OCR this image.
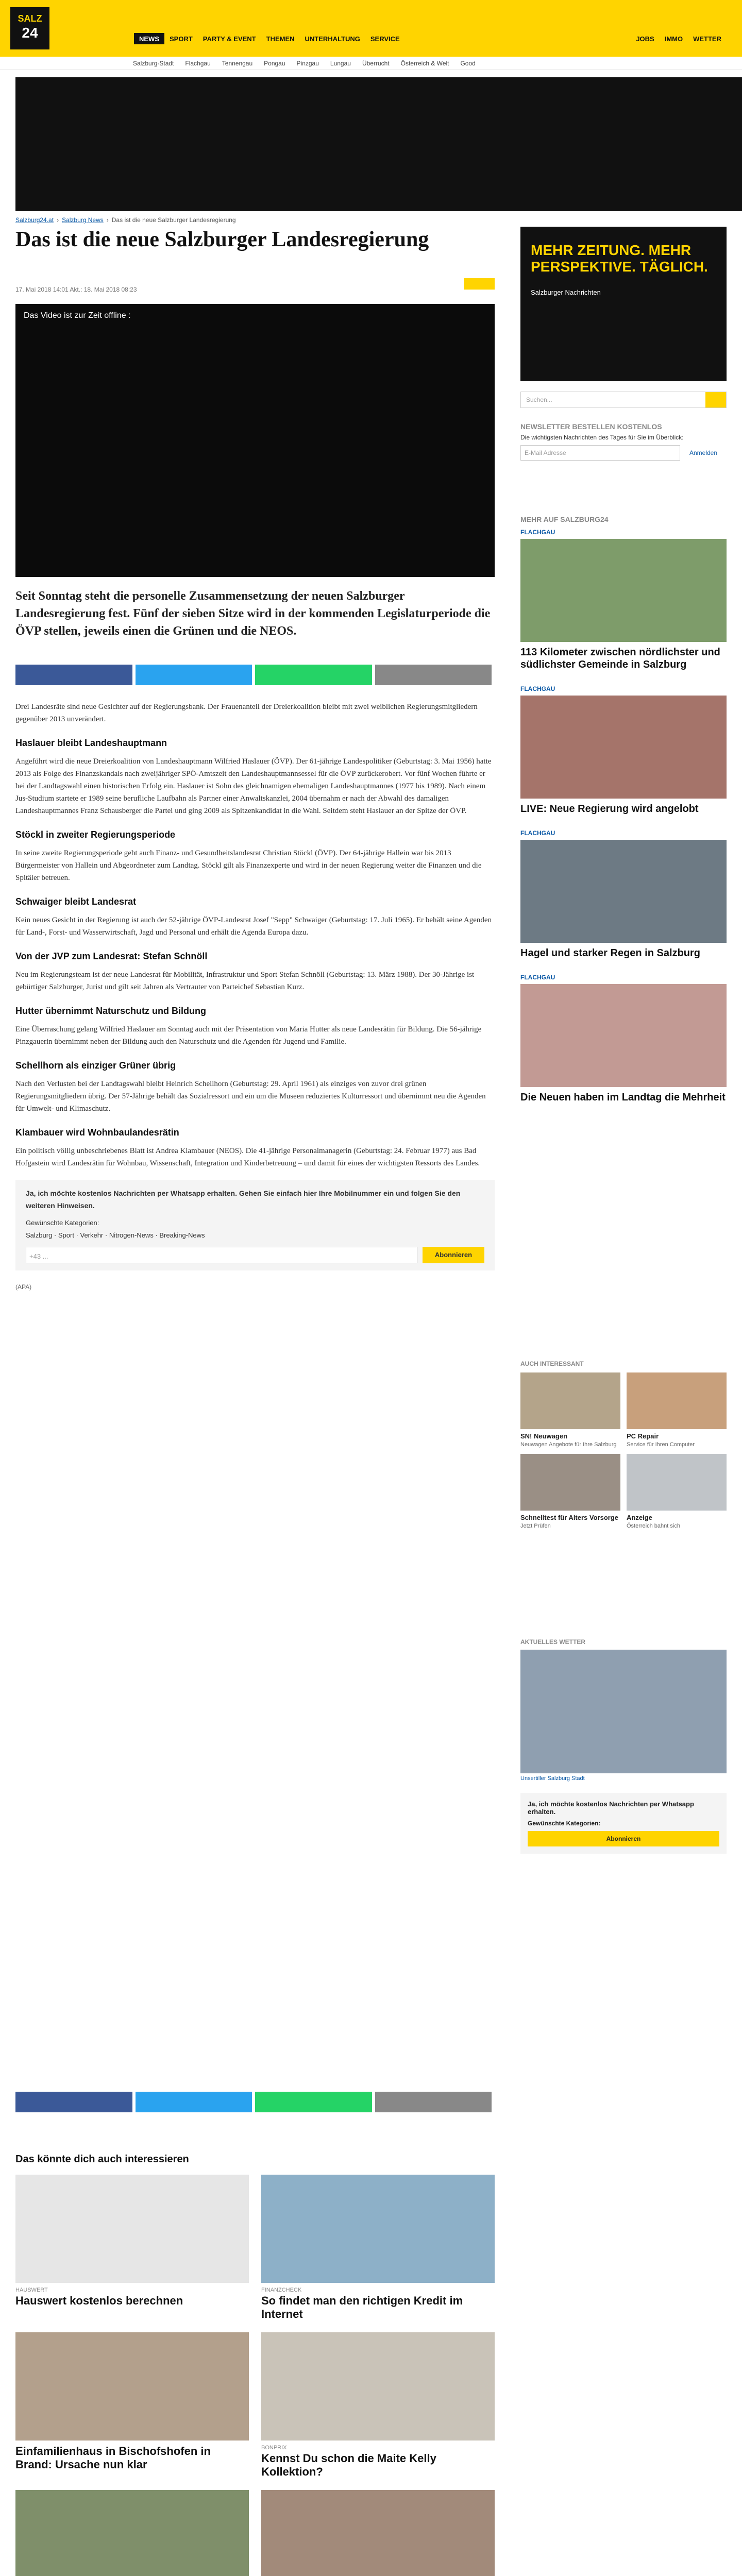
SALZ
24	NEWS	SPORT	PARTY & EVENT	THEMEN	UNTERHALTUNG	SERVICE	JOBS	IMMO	WETTER
Salzburg-Stadt Flachgau Tennengau Pongau Pinzgau Lungau Überrucht Österreich & Welt Good
Salzburg24.at › Salzburg News › Das ist die neue Salzburger Landesregierung
Das ist die neue Salzburger Landesregierung
17. Mai 2018 14:01 Akt.: 18. Mai 2018 08:23
Das Video ist zur Zeit offline :

Seit Sonntag steht die personelle Zusammensetzung der neuen Salzburger Landesregierung fest. Fünf der sieben Sitze wird in der kommenden Legislaturperiode die ÖVP stellen, jeweils einen die Grünen und die NEOS.

Drei Landesräte sind neue Gesichter auf der Regierungsbank. Der Frauenanteil der Dreierkoalition bleibt mit zwei weiblichen Regierungsmitgliedern gegenüber 2013 unverändert.

Haslauer bleibt Landeshauptmann

Angeführt wird die neue Dreierkoalition von Landeshauptmann Wilfried Haslauer (ÖVP). Der 61-jährige Landespolitiker (Geburtstag: 3. Mai 1956) hatte 2013 als Folge des Finanzskandals nach zweijähriger SPÖ-Amtszeit den Landeshauptmannsessel für die ÖVP zurückerobert. Vor fünf Wochen führte er bei der Landtagswahl einen historischen Erfolg ein. Haslauer ist Sohn des gleichnamigen ehemaligen Landeshauptmannes (1977 bis 1989). Nach einem Jus-Studium startete er 1989 seine berufliche Laufbahn als Partner einer Anwaltskanzlei, 2004 übernahm er nach der Abwahl des damaligen Landeshauptmannes Franz Schausberger die Partei und ging 2009 als Spitzenkandidat in die Wahl. Seitdem steht Haslauer an der Spitze der ÖVP.

Stöckl in zweiter Regierungsperiode

In seine zweite Regierungsperiode geht auch Finanz- und Gesundheitslandesrat Christian Stöckl (ÖVP). Der 64-jährige Hallein war bis 2013 Bürgermeister von Hallein und Abgeordneter zum Landtag. Stöckl gilt als Finanzexperte und wird in der neuen Regierung weiter die Finanzen und die Spitäler betreuen.

Schwaiger bleibt Landesrat

Kein neues Gesicht in der Regierung ist auch der 52-jährige ÖVP-Landesrat Josef "Sepp" Schwaiger (Geburtstag: 17. Juli 1965). Er behält seine Agenden für Land-, Forst- und Wasserwirtschaft, Jagd und Personal und erhält die Agenda Europa dazu.

Von der JVP zum Landesrat: Stefan Schnöll

Neu im Regierungsteam ist der neue Landesrat für Mobilität, Infrastruktur und Sport Stefan Schnöll (Geburtstag: 13. März 1988). Der 30-Jährige ist gebürtiger Salzburger, Jurist und gilt seit Jahren als Vertrauter von Parteichef Sebastian Kurz.

Hutter übernimmt Naturschutz und Bildung

Eine Überraschung gelang Wilfried Haslauer am Sonntag auch mit der Präsentation von Maria Hutter als neue Landesrätin für Bildung. Die 56-jährige Pinzgauerin übernimmt neben der Bildung auch den Naturschutz und die Agenden für Jugend und Familie.

Schellhorn als einziger Grüner übrig

Nach den Verlusten bei der Landtagswahl bleibt Heinrich Schellhorn (Geburtstag: 29. April 1961) als einziges von zuvor drei grünen Regierungsmitgliedern übrig. Der 57-Jährige behält das Sozialressort und ein um die Museen reduziertes Kulturressort und übernimmt neu die Agenden für Umwelt- und Klimaschutz.

Klambauer wird Wohnbaulandesrätin

Ein politisch völlig unbeschriebenes Blatt ist Andrea Klambauer (NEOS). Die 41-jährige Personalmanagerin (Geburtstag: 24. Februar 1977) aus Bad Hofgastein wird Landesrätin für Wohnbau, Wissenschaft, Integration und Kinderbetreuung – und damit für eines der wichtigsten Ressorts des Landes.

Ja, ich möchte kostenlos Nachrichten per Whatsapp erhalten. Gehen Sie einfach hier Ihre Mobilnummer ein und folgen Sie den weiteren Hinweisen.
Gewünschte Kategorien:
Salzburg · Sport · Verkehr · Nitrogen-News · Breaking-News
+43 ...	Abonnieren
(APA)
MEHR ZEITUNG. MEHR PERSPEKTIVE. TÄGLICH.
Salzburger Nachrichten
Suchen...
NEWSLETTER BESTELLEN KOSTENLOS
Die wichtigsten Nachrichten des Tages für Sie im Überblick:
E-Mail Adresse	Anmelden
MEHR AUF SALZBURG24
FLACHGAU
113 Kilometer zwischen nördlichster und südlichster Gemeinde in Salzburg
FLACHGAU
LIVE: Neue Regierung wird angelobt
FLACHGAU
Hagel und starker Regen in Salzburg
FLACHGAU
Die Neuen haben im Landtag die Mehrheit
AUCH INTERESSANT
SN! Neuwagen
Neuwagen Angebote für Ihre Salzburg
PC Repair
Service für Ihren Computer
Schnelltest für Alters Vorsorge
Jetzt Prüfen
Anzeige
Österreich bahnt sich
AKTUELLES WETTER
Unsertiller Salzburg Stadt
Ja, ich möchte kostenlos Nachrichten per Whatsapp erhalten.
Gewünschte Kategorien:
Abonnieren
Das könnte dich auch interessieren
HAUSWERT
Hauswert kostenlos berechnen
FINANZCHECK
So findet man den richtigen Kredit im Internet
Einfamilienhaus in Bischofshofen in Brand: Ursache nun klar
BONPRIX
Kennst Du schon die Maite Kelly Kollektion?
